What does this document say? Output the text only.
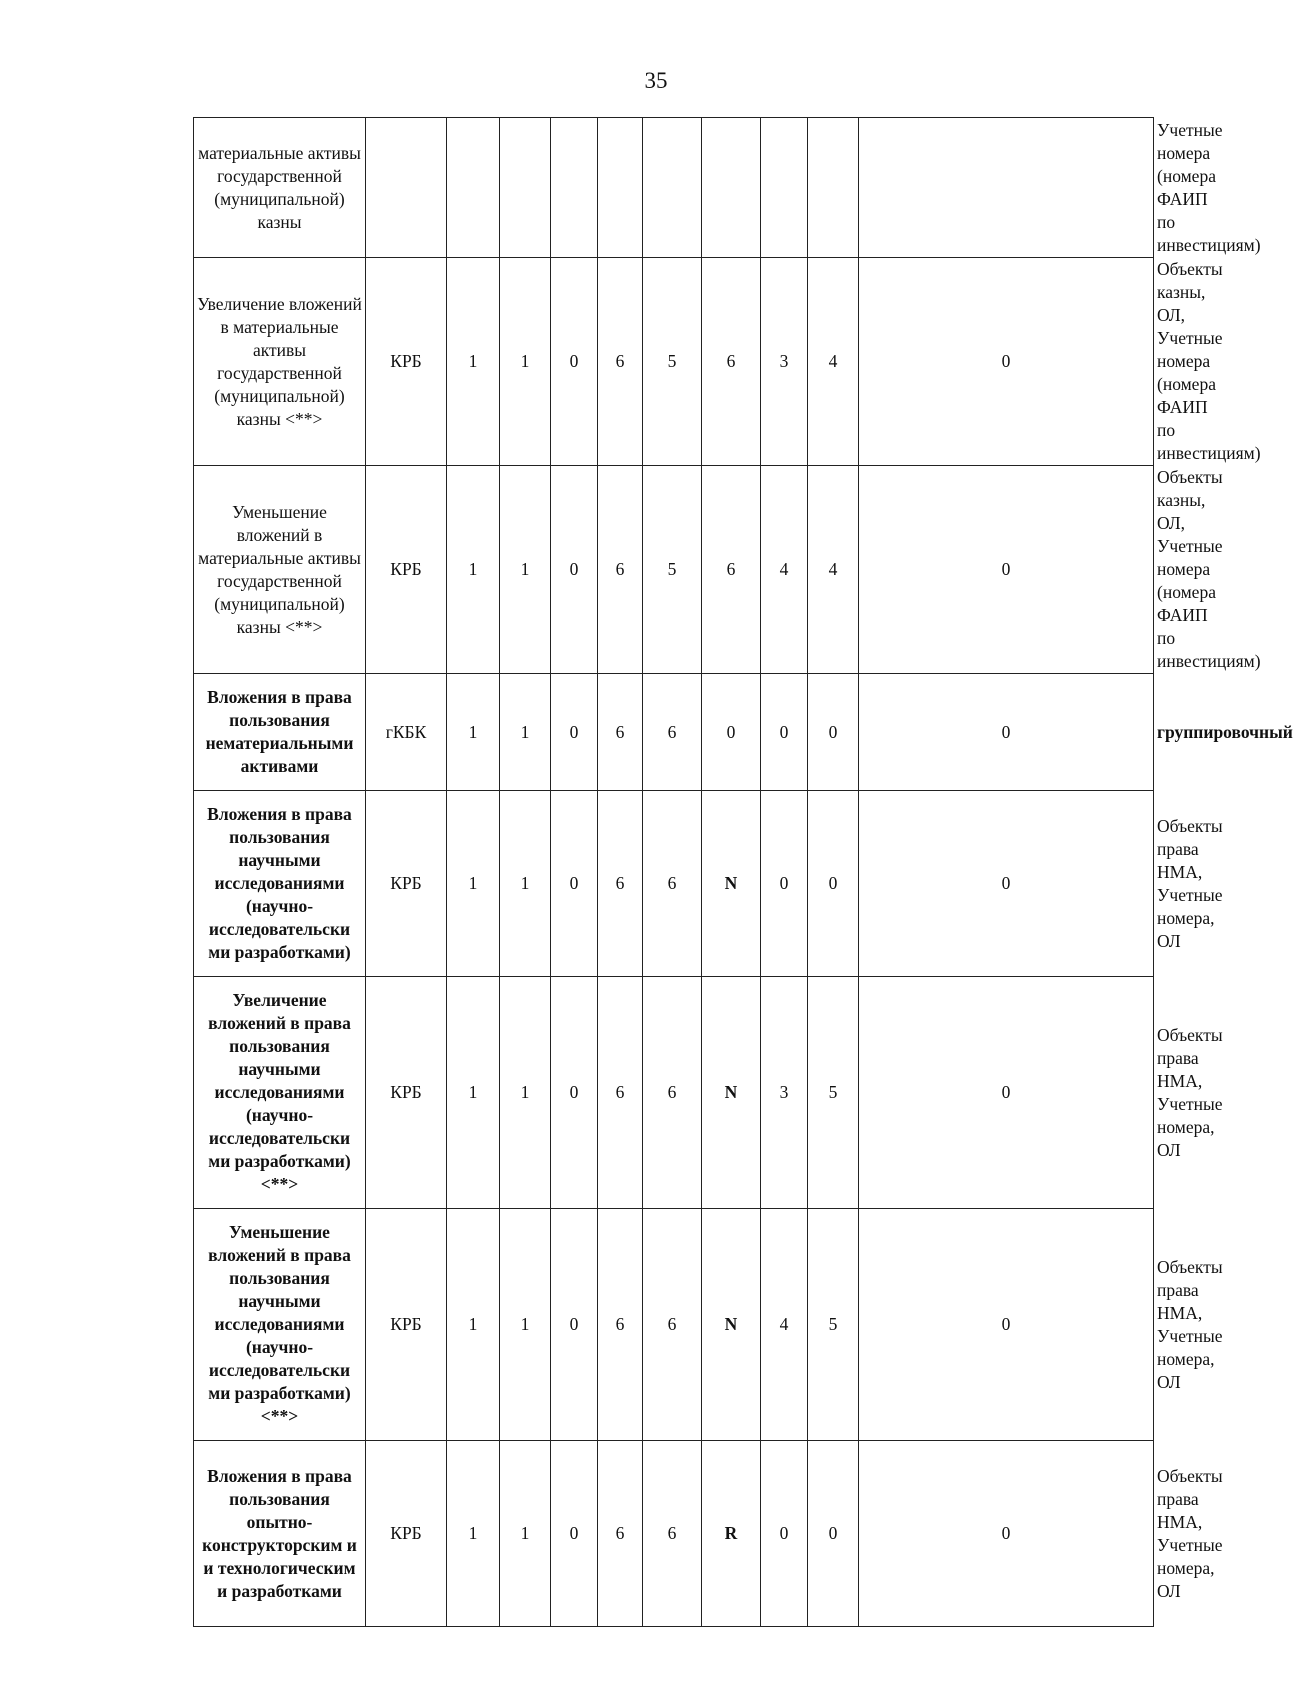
35
материальные активы государственной (муниципальной) казны											Учетные номера (номера ФАИП по инвестициям)
Увеличение вложений в материальные активы государственной (муниципальной) казны <**>	КРБ	1	1	0	6	5	6	3	4	0	Объекты казны, ОЛ, Учетные номера (номера ФАИП по инвестициям)
Уменьшение вложений в материальные активы государственной (муниципальной) казны <**>	КРБ	1	1	0	6	5	6	4	4	0	Объекты казны, ОЛ, Учетные номера (номера ФАИП по инвестициям)
Вложения в права пользования нематериальными активами	гКБК	1	1	0	6	6	0	0	0	0	группировочный
Вложения в права пользования научными исследованиями (научно-исследовательски ми разработками)	КРБ	1	1	0	6	6	N	0	0	0	Объекты права НМА, Учетные номера, ОЛ
Увеличение вложений в права пользования научными исследованиями (научно-исследовательски ми разработками) <**>	КРБ	1	1	0	6	6	N	3	5	0	Объекты права НМА, Учетные номера, ОЛ
Уменьшение вложений в права пользования научными исследованиями (научно-исследовательски ми разработками) <**>	КРБ	1	1	0	6	6	N	4	5	0	Объекты права НМА, Учетные номера, ОЛ
Вложения в права пользования опытно-конструкторским и и технологическим и разработками	КРБ	1	1	0	6	6	R	0	0	0	Объекты права НМА, Учетные номера, ОЛ
